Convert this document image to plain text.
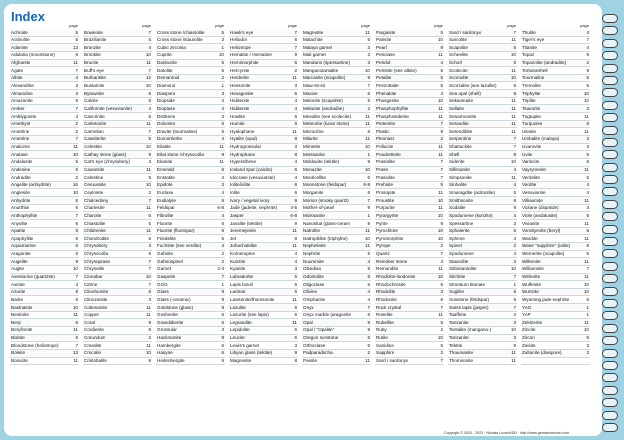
Index
page
Achroite	5
Actinolite	5
Adamite	13
Adularia (moonstone)	6
Afghanite	11
Agate	7
Albite	4
Alexandrite	3
Almandine	3
Amazonite	6
Amber	7
Amblygonite	4
Amethyst	2
Ametrine	2
Ametrine	7
Analcime	11
Anatase	10
Andalusite	5
Andesine	6
Andradite	2
Angelite (anhydrite)	16
Anglesite	10
Anhydrite	6
Anorthite	6
Anthophyllite	7
Anyolite	6
Apatite	5
Apophyllite	6
Aquamarine	6
Aragonite	6
Augelite	9
Augite	10
Aventurine (quartzite)	7
Axinite	4
Azurite	6
Barite	6
Bastnäsite	10
Benitoite	11
Beryl	6
Beryllonite	11
Bixbite	6
Bloodstone (heliotrope)	7
Boleite	13
Boracite	11
page
Bowenite	7
Brazilianite	5
Bronzite	4
Brookite	10
Brucite	11
Buff's eye	7
Burbankite	12
Bustamite	10
Bytownite	6
Calcite	6
Californite (vesuvianite)	4
Cancrinite	6
Carletonite	11
Carnelian	7
Cassiterite	5
Celestite	10
Cathay stone (glass)	9
Cat's eye (chrysobery)	3
Cavansite	11
Celestine	5
Ceruussite	10
Ceylonite	2
Chalcedony	7
Charlesite	11
Charoite	6
Chiastolite	5
Childrenite	11
Chondrodite	6
Chrysobery	3
Chrysocolla	6
Chrysoprase	7
Chrysotile	7
Cinnabar	10
Citrine	7
Clinohumite	6
Clinozoisite	3
Colemanite	11
Copper	11
Coral	9
Cordierite	6
Corundum	2
Creedite	11
Crocoite	10
Cristobalite	9
page
Cross stone /chiastolite	5
Cross stone /staurolite	3
Cubic zirconia	1
Cuprite	10
Danburite	5
Datolite	5
Demantoid	2
Diamond	1
Diaspora	3
Diopside	4
Dioptase	4
Disthene	3
Dolomite	6
Dravite (tourmaline)	5
Dumortierite	4
Eilatite	11
Eilat stone /chrysocolla	9
Ekanite	11
Emerald	6
Enstatite	4
Epidote	3
Euclase	4
Eudialyte	6
Feldspar	6-8
Fibrolite	4
Fluorite	6
Fluorite (fluorspar)	9
Friedelite	5
Fuchsite (see verdite)	4
Gahnite	2
Gahnospinel	2
Garnet	2-3
Gaspeite	7
GGG	1
Glass	9
Glass (-ceramic)	9
Goldstone (glass)	9
Goshenite	6
Grandidierite	6
Grossular	3
Hackmanite	9
Hambergite	6
Haüyne	6
Hedenbergite	6
page
Hawk's eye	7
Heliodor	6
Heliotrope	7
Hematite / Hematine	9
Hemimorphite	5
Hercynite	2
Herderite	11
Hessonite	3
Hexagonite	5
Hiddenite	4
Hiddenite	4
Howlite	6
Humite	6
Hyalophane	11
Hyalite (opal)	8
Hydrogrossular	3
Hydrophane	8
Hypersthene	4
Iceland spar (calcite)	6
Idocrase (vesuvianite)	4
Iolite/iolite	6
Iolite	6
Ivory / vegetal ivory	9
Jade (jadeite, nephrite)	4-5
Jasper	6-8
Javalite (tektite)	9
Jeremejevite	11
Jet	9
Johachidolite	11
Kornerupine	4
Kunzite	4
Kyanite	3
Labradorite	6
Lapis lazuli	6
Larimar	6
Lawsonite/thomsonite	11
Lazulite	6
Lazurite (see lapis)	6
Legrandite	11
Lepidolite	6
Leucite	6
Lewis's garnet	3
Libyan glass (tektite)	9
Magnesite	8
page
Magnetite	11
Malachite	6
Malaya garnet	3
Mali garnet	3
Mandarin (spessartine)	3
Manganotantalite	10
Marcasite (scapolite)	9
Maw-sit-sit	7
Maxixe	6
Meionite (scapolite)	5
Melanite (andradite)	2
Mesolite (see scolecite)	11
Meteorite (lunar stone)	11
Microcline	6
Milarite	11
Mimetite	10
Moissanite	1
Moldavite (tektite)	9
Monazite	10
Monticellite	6
Moonstone (feldspar)	6-8
Morganite	6
Morion (smoky quartz)	7
Mother-of-pearl	9
Moissanite	1
Nanosital (glass-ceram	9
Natrolite	11
Natrophilite (triphylite)	10
Nephelinite	11
Nephrite	5
Nuummite	4
Obsidian	9
Odontolite	6
Oligoclase	6
Olivine	4
Omphacite	4
Onyx	7
Onyx marble (aragonite	6
Opal	8
Opal / "Opalite"	9
Oregon sunstone	6
Orthoclase	6
Padparadscha	2
Painite	11
page
Pargasite	5
Parisite	10
Pearl	9
Periclase	11
Peridot	4
Perisitte (see albite)	6
Petalite	5
Pezzottaite	5
Phenakite	4
Phosgenite	10
Phosphophyllite	11
Phosphosiderite	11
Pietersite	7
Plastic	9
Pleonast	2
Pollucite	11
Poudretteite	11
Prasiolite	7
Prase	7
Prasiolite	7
Prehnite	5
Prosopite	11
Proustite	10
Purpurite	11
Pyrargyrite	10
Pyrite	9
Pyrochlore	10
Pyromorphite	10
Pyrope	2
Quartz	7
Reindeer stone	4
Remondite	11
Rhodizite-londonite	10
Rhodochrosite	6
Rhodolite	3
Rhodonite	6
Rock crystal	7
Roselite	11
Rubellite	5
Ruby	2
Rutile	10
Sanidine	6
Sapphire	2
Sard / sardonyx	7
page
Sard / sardonyx	7
Sarcolite	11
Scapolite	5
Scheelite	10
Schorl	5
Scolecite	11
Scorodite	10
Scorzalite (see lazulite)	6
Sea opal (shell)	8
Sekaninaite	11
Sellaite	11
Senarmontite	11
Serandite	11
Serendibite	11
Serpentine	7
Shattuckite	7
Shell	9
Siderite	10
Sillimanite	4
Simpsonite	11
Sinhalite	4
Smaragdite (actinolite)	5
Smithsonite	6
Sodalite	9
Spodumene (kunzite)	4
Spessartine	3
Sphalerite	5
Sphene	4
Spinel	2
Spodumene	4
Staurolite	3
Stibiotantalite	10
Stichtite	7
Strontium titanate	1
Sugilite	6
Sunstone (feldspar)	6
Swiss lapis (jasper)	7
Taaffeite	2
Tanzanite	3
Tantalite (mangano-)	10
Tanzanite	3
Tektite	9
Thaumasite	11
Thomsonite	11
page
Thulite	4
Tiger's eye	7
Titanite	4
Topaz	5
Topazolite (andradite)	2
Tortoiseshell	9
Tourmaline	5
Tremolite	5
Triphylite	10
Triplite	10
Tsavorite	3
Tugtupite	11
Turquoise	6
Ulexite	11
Umbalite (malaya)	3
Uvarovite	3
Uvite	5
Variscite	6
Vayrynenite	11
Verdelite	5
Verdite	4
Vesuvianite	4
Villiaumite	11
Violane (diopside)	4
Viole (andalusite)	5
Vivianite	11
Vorobyevite (beryl)	6
Wardite	11
Water "sapphire" (iolite)	6
Wernerite (scapolite)	5
Willemite	11
Williamsite	7
Witherite	11
Wulfenite	10
Wurtzite	10
Wyoming jade-nephrite	5
YAG	1
YAP	1
Zektzerite	11
Zincite	10
Zircon	5
Zoisite	3
Zultanite (diaspore)	3
Copyright © 2003 - 2023 · Nicolas Lozach/DR · http://www.gemstonechart.com
